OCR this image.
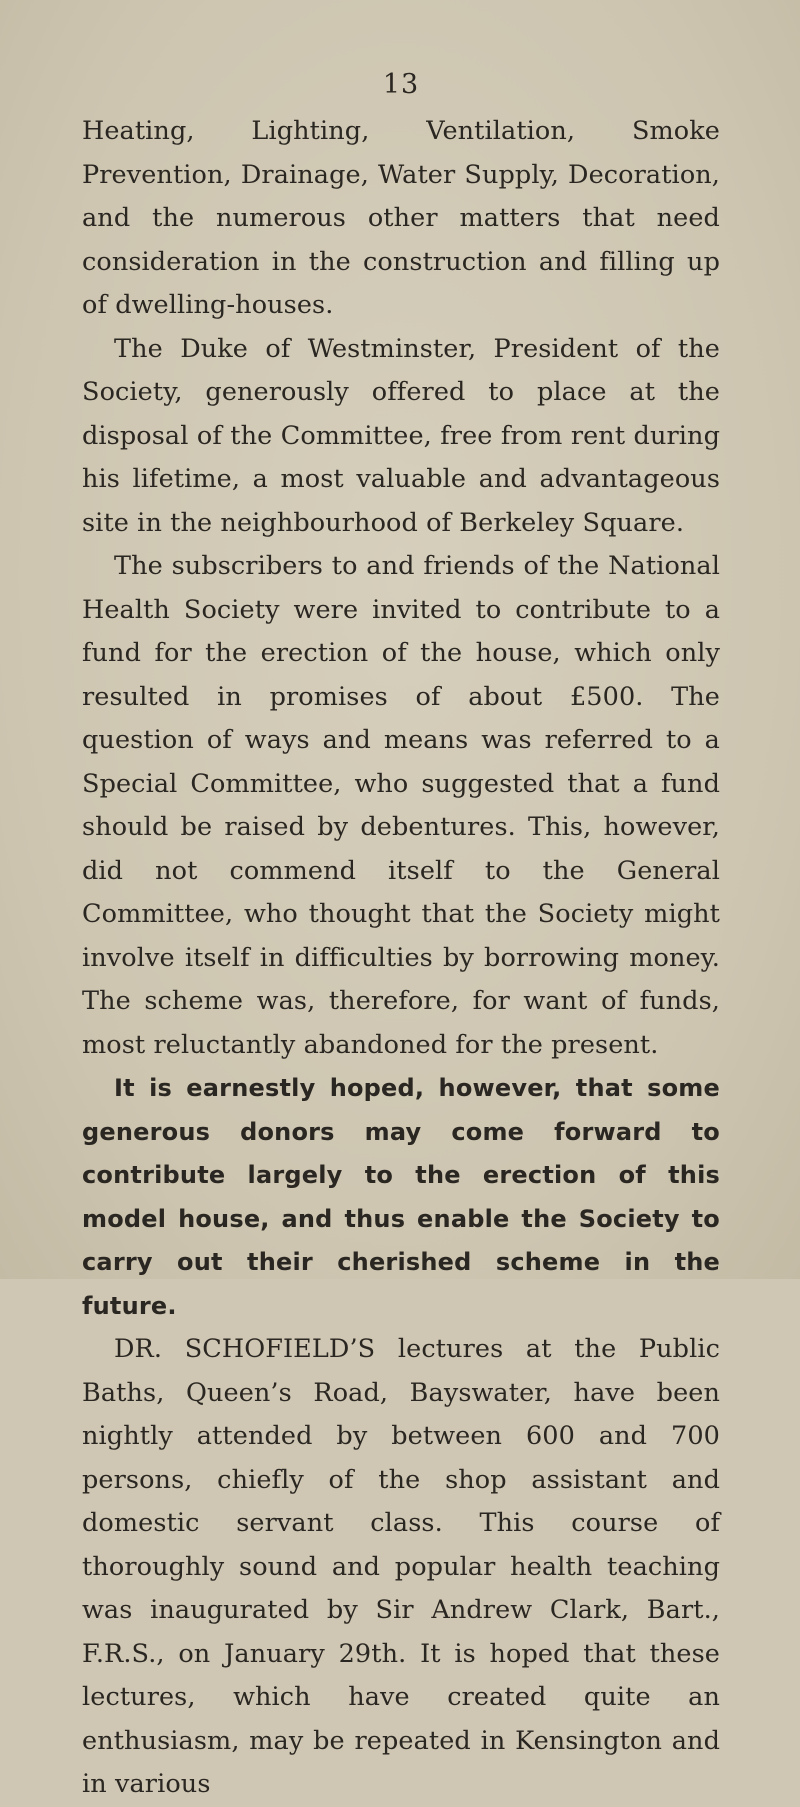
13

Heating, Lighting, Ventilation, Smoke Prevention, Drainage, Water Supply, Decoration, and the numerous other matters that need consideration in the construction and filling up of dwelling-houses.

The Duke of Westminster, President of the Society, generously offered to place at the disposal of the Committee, free from rent during his lifetime, a most valuable and advantageous site in the neighbourhood of Berkeley Square.

The subscribers to and friends of the National Health Society were invited to contribute to a fund for the erection of the house, which only resulted in promises of about £500. The question of ways and means was referred to a Special Committee, who suggested that a fund should be raised by debentures. This, however, did not commend itself to the General Committee, who thought that the Society might involve itself in difficulties by borrowing money. The scheme was, therefore, for want of funds, most reluctantly abandoned for the present.

It is earnestly hoped, however, that some generous donors may come forward to contribute largely to the erection of this model house, and thus enable the Society to carry out their cherished scheme in the future.

DR. SCHOFIELD’S lectures at the Public Baths, Queen’s Road, Bayswater, have been nightly attended by between 600 and 700 persons, chiefly of the shop assistant and domestic servant class. This course of thoroughly sound and popular health teaching was inaugurated by Sir Andrew Clark, Bart., F.R.S., on January 29th. It is hoped that these lectures, which have created quite an enthusiasm, may be repeated in Kensington and in various
